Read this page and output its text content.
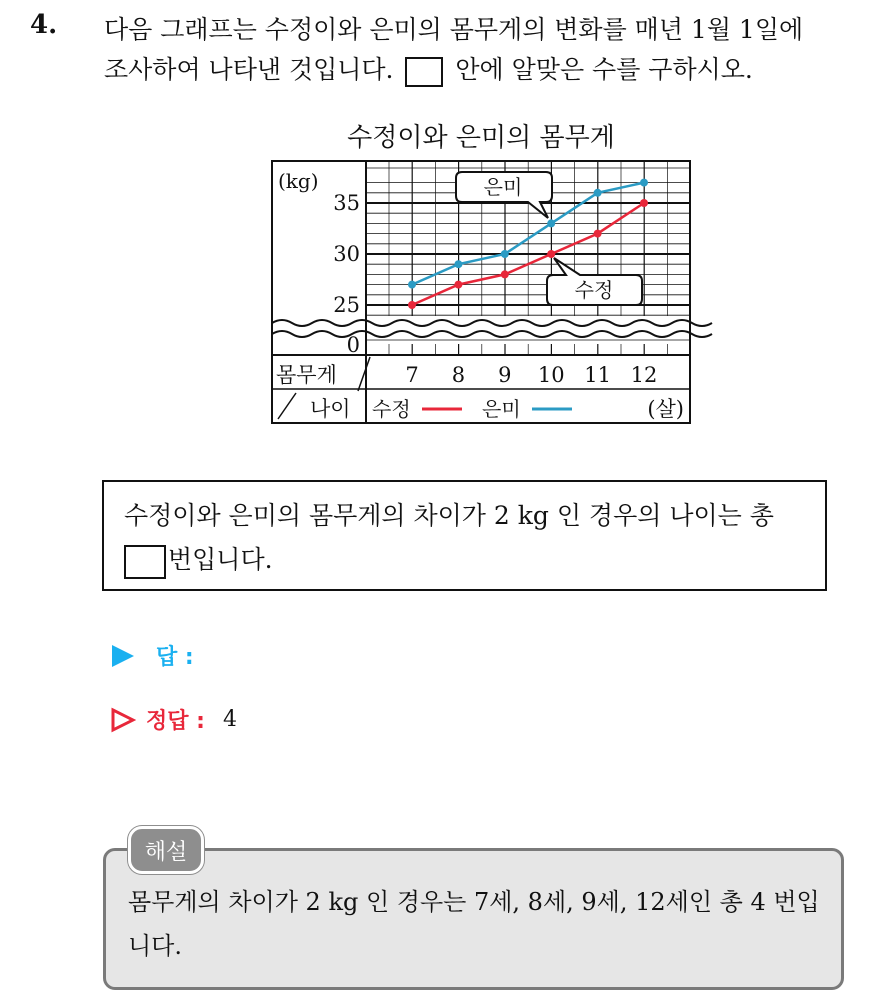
4. 다음 그래프는 수정이와 은미의 몸무게의 변화를 매년 1월 1일에
조사하여 나타낸 것입니다. 안에 알맞은 수를 구하시오.
수정이와 은미의 몸무게
(kg)
35
30
25
0
몸무게
나이
7 8 9 10 11 12
수정	은미	(살)
은미
수정
수정이와 은미의 몸무게의 차이가 2 kg 인 경우의 나이는 총
번입니다.
답 :
정답 : 4
해설
몸무게의 차이가 2 kg 인 경우는 7세, 8세, 9세, 12세인 총 4 번입니다.
